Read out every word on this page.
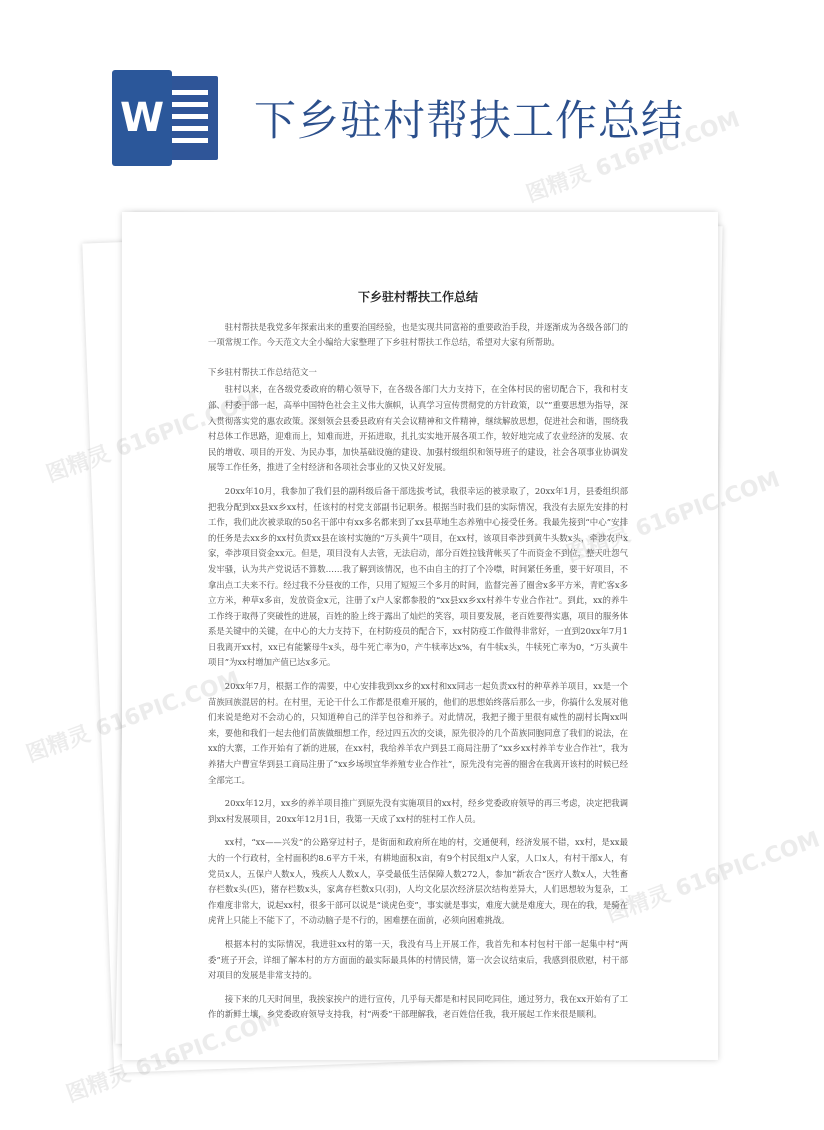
W 下乡驻村帮扶工作总结
下乡驻村帮扶工作总结

驻村帮扶是我党多年探索出来的重要治国经验，也是实现共同富裕的重要政治手段，并逐渐成为各级各部门的一项常规工作。今天范文大全小编给大家整理了下乡驻村帮扶工作总结，希望对大家有所帮助。

下乡驻村帮扶工作总结范文一

驻村以来，在各级党委政府的精心领导下，在各级各部门大力支持下，在全体村民的密切配合下，我和村支部、村委干部一起，高举中国特色社会主义伟大旗帜，认真学习宣传贯彻党的方针政策，以“”重要思想为指导，深入贯彻落实党的惠农政策。深刻领会县委县政府有关会议精神和文件精神，继续解放思想，促进社会和谐，围绕我村总体工作思路，迎难而上，知难而进，开拓进取，扎扎实实地开展各项工作，较好地完成了农业经济的发展、农民的增收、项目的开发、为民办事，加快基础设施的建设、加强村级组织和领导班子的建设，社会各项事业协调发展等工作任务，推进了全村经济和各项社会事业的又快又好发展。

20xx年10月，我参加了我们县的副科级后备干部选拔考试，我很幸运的被录取了，20xx年1月，县委组织部把我分配到xx县xx乡xx村，任该村的村党支部副书记职务。根据当时我们县的实际情况，我没有去原先安排的村工作，我们此次被录取的50名干部中有xx多名都来到了xx县草地生态养殖中心接受任务。我最先接到“中心”安排的任务是去xx乡的xx村负责xx县在该村实施的“万头黄牛”项目，在xx村，该项目牵涉到黄牛头数x头，牵涉农户x家，牵涉项目资金xx元。但是，项目没有人去管，无法启动，部分百姓拉钱背帐买了牛而资金不到位，整天吐怨气发牢骚，认为共产党说话不算数……我了解到该情况，也不由自主的打了个冷噤，时间紧任务重，要干好项目，不拿出点工夫来不行。经过我不分昼夜的工作，只用了短短三个多月的时间，监督完善了圈舍x多平方米，青贮客x多立方米，种草x多亩，发放资金x元，注册了x户人家都参股的“xx县xx乡xx村养牛专业合作社”。到此，xx的养牛工作终于取得了突破性的进展，百姓的脸上终于露出了灿烂的笑容，项目要发展，老百姓要得实惠，项目的服务体系是关键中的关键，在中心的大力支持下，在村防疫员的配合下，xx村防疫工作做得非常好，一直到20xx年7月1日我离开xx村，xx已有能繁母牛x头，母牛死亡率为0，产牛犊率达x%，有牛犊x头，牛犊死亡率为0，“万头黄牛项目”为xx村增加产值已达x多元。

20xx年7月，根据工作的需要，中心安排我到xx乡的xx村和xx同志一起负责xx村的种草养羊项目，xx是一个苗族回族混居的村。在村里，无论干什么工作都是很难开展的，他们的思想始终落后那么一步，你搞什么发展对他们来说是绝对不会动心的，只知道种自己的洋芋包谷和养子。对此情况，我把子搬于里很有威性的副村长陶xx叫来，要他和我们一起去他们苗族做细想工作，经过四五次的交谈，原先很冷的几个苗族同胞同意了我们的说法，在xx的大寨，工作开始有了新的进展，在xx村，我给养羊农户到县工商局注册了“xx乡xx村养羊专业合作社”，我为养猪大户曹宣华到县工商局注册了“xx乡场坝宜华养殖专业合作社”，原先没有完善的圈舍在我离开该村的时候已经全部完工。

20xx年12月，xx乡的养羊项目推广到原先没有实施项目的xx村，经乡党委政府领导的再三考虑，决定把我调到xx村发展项目，20xx年12月1日，我第一天成了xx村的驻村工作人员。

xx村，“xx——兴发”的公路穿过村子，是街面和政府所在地的村，交通便利，经济发展不错，xx村，是xx最大的一个行政村，全村面积约8.6平方千米，有耕地面积x亩，有9个村民组x户人家，人口x人，有村干部x人，有党员x人，五保户人数x人，残疾人人数x人，享受最低生活保障人数272人，参加“新农合”医疗人数x人，大牲畜存栏数x头(匹)，猪存栏数x头，家禽存栏数x只(羽)，人均文化层次经济层次结构差异大，人们思想较为复杂，工作难度非常大，说起xx村，很多干部可以说是“谈虎色变”，事实就是事实，难度大就是难度大，现在的我，是骑在虎背上只能上不能下了，不动动脑子是不行的，困难摆在面前，必须向困难挑战。

根据本村的实际情况，我进驻xx村的第一天，我没有马上开展工作，我首先和本村包村干部一起集中村“两委”班子开会，详细了解本村的方方面面的最实际最具体的村情民情，第一次会议结束后，我感到很欣慰，村干部对项目的发展是非常支持的。

接下来的几天时间里，我挨家挨户的进行宣传，几乎每天都是和村民同吃同住，通过努力，我在xx开始有了工作的新鲜土壤，乡党委政府领导支持我，村“两委”干部理解我，老百姓信任我，我开展起工作来很是顺利。

图精灵 616PIC.COM
图精灵
图精灵
616PIC.COM
图精灵
